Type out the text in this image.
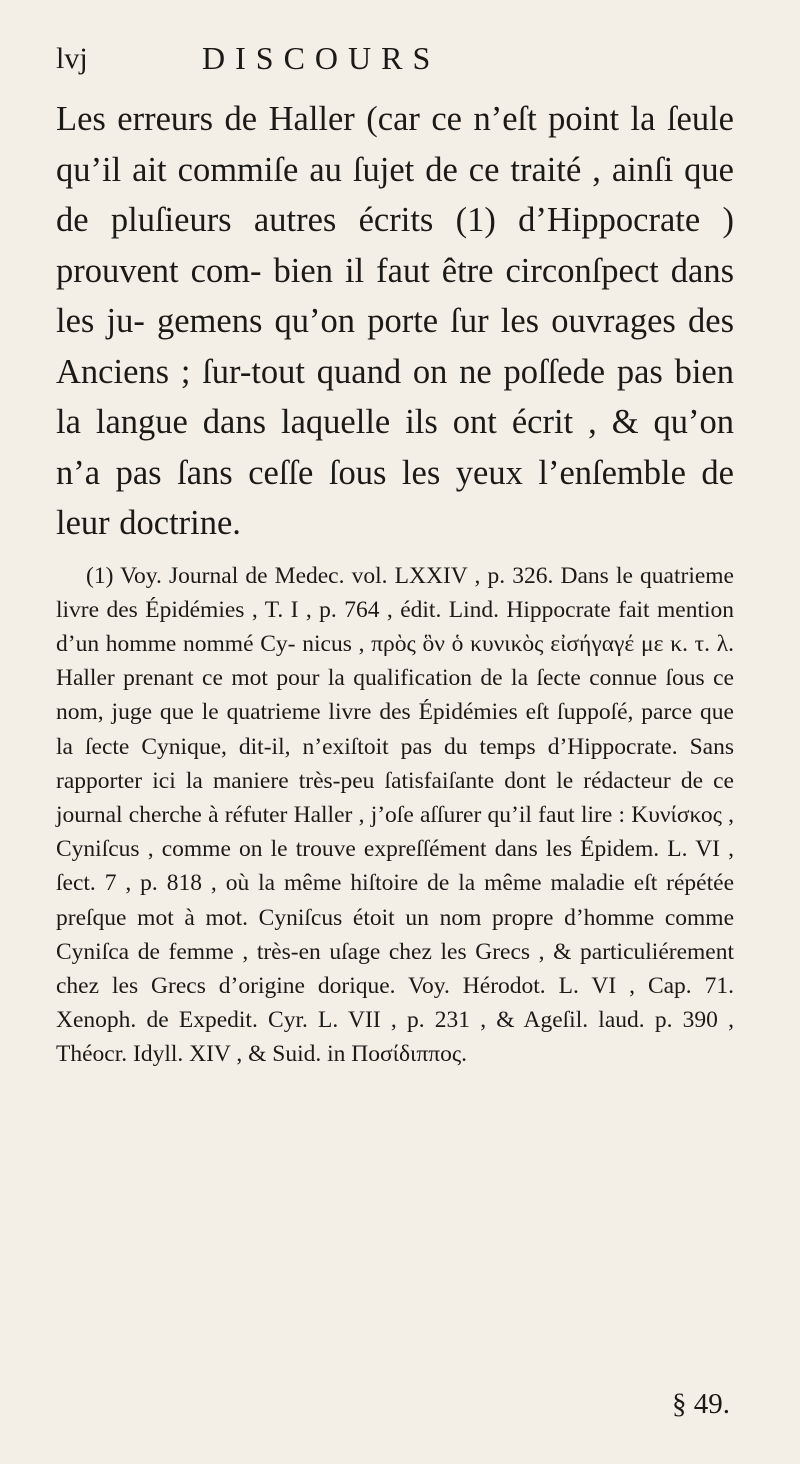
lvj	DISCOURS

Les erreurs de Haller (car ce n’eſt point la ſeule qu’il ait commiſe au ſujet de ce traité , ainſi que de pluſieurs autres écrits (1) d’Hippocrate ) prouvent com- bien il faut être circonſpect dans les ju- gemens qu’on porte ſur les ouvrages des Anciens ; ſur-tout quand on ne poſſede pas bien la langue dans laquelle ils ont écrit , & qu’on n’a pas ſans ceſſe ſous les yeux l’enſemble de leur doctrine.

(1) Voy. Journal de Medec. vol. LXXIV , p. 326. Dans le quatrieme livre des Épidémies , T. I , p. 764 , édit. Lind. Hippocrate fait mention d’un homme nommé Cy- nicus , πρὸς ὃν ὁ κυνικὸς εἰσήγαγέ με κ. τ. λ. Haller prenant ce mot pour la qualification de la ſecte connue ſous ce nom, juge que le quatrieme livre des Épidémies eſt ſuppoſé, parce que la ſecte Cynique, dit-il, n’exiſtoit pas du temps d’Hippocrate. Sans rapporter ici la maniere très-peu ſatisfaiſante dont le rédacteur de ce journal cherche à réfuter Haller , j’oſe aſſurer qu’il faut lire : Κυνίσκος , Cyniſcus , comme on le trouve expreſſément dans les Épidem. L. VI , ſect. 7 , p. 818 , où la même hiſtoire de la même maladie eſt répétée preſque mot à mot. Cyniſcus étoit un nom propre d’homme comme Cyniſca de femme , très-en uſage chez les Grecs , & particuliérement chez les Grecs d’origine dorique. Voy. Hérodot. L. VI , Cap. 71. Xenoph. de Expedit. Cyr. L. VII , p. 231 , & Ageſil. laud. p. 390 , Théocr. Idyll. XIV , & Suid. in Ποσίδιππος.

§ 49.
